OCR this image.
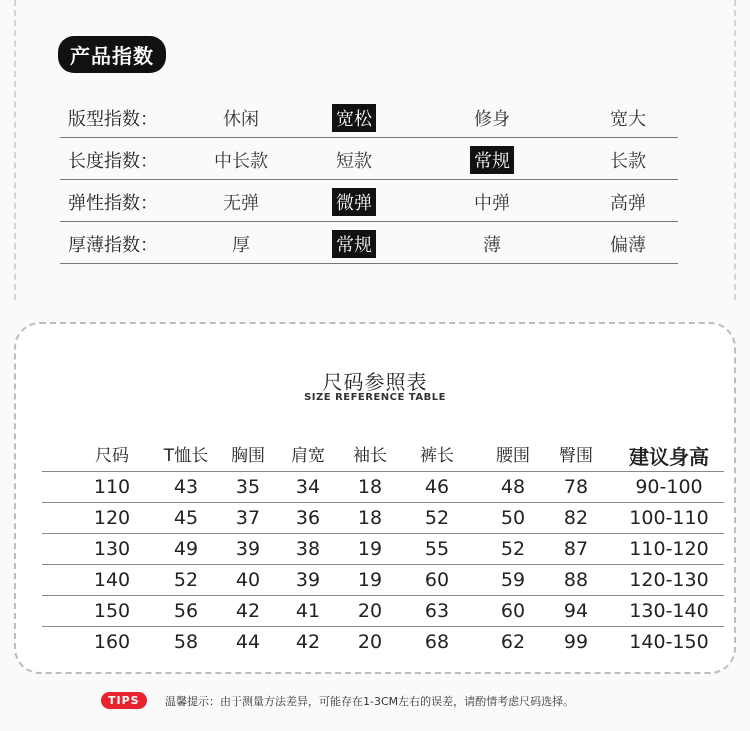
产品指数
版型指数：	休闲	宽松	修身	宽大
长度指数：	中长款	短款	常规	长款
弹性指数：	无弹	微弹	中弹	高弹
厚薄指数：	厚	常规	薄	偏薄
尺码参照表
SIZE REFERENCE TABLE
尺码 T恤长 胸围 肩宽 袖长 裤长 腰围 臀围 建议身高
110 43 35 34 18 46	48 78 90-100
120 45 37 36 18 52	50 82 100-110
130 49 39 38 19 55	52 87 110-120
140 52 40 39 19 60	59 88 120-130
150 56 42 41 20 63	60 94 130-140
160 58 44 42 20 68	62 99 140-150
TIPS	温馨提示：由于测量方法差异，可能存在1-3CM左右的误差，请酌情考虑尺码选择。
